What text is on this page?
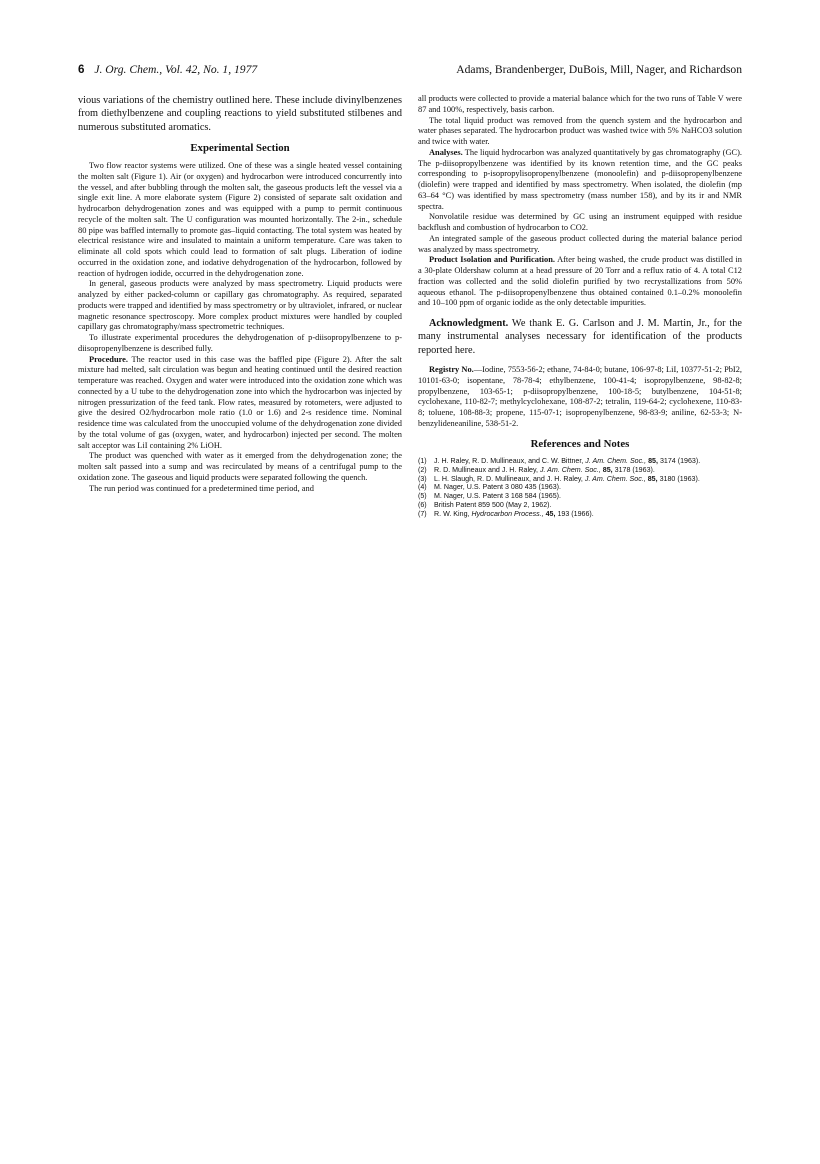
6 J. Org. Chem., Vol. 42, No. 1, 1977	Adams, Brandenberger, DuBois, Mill, Nager, and Richardson

vious variations of the chemistry outlined here. These include divinylbenzenes from diethylbenzene and coupling reactions to yield substituted stilbenes and numerous substituted aromatics.

Experimental Section

Two flow reactor systems were utilized. One of these was a single heated vessel containing the molten salt (Figure 1). Air (or oxygen) and hydrocarbon were introduced concurrently into the vessel, and after bubbling through the molten salt, the gaseous products left the vessel via a single exit line. A more elaborate system (Figure 2) consisted of separate salt oxidation and hydrocarbon dehydrogenation zones and was equipped with a pump to permit continuous recycle of the molten salt. The U configuration was mounted horizontally. The 2-in., schedule 80 pipe was baffled internally to promote gas–liquid contacting. The total system was heated by electrical resistance wire and insulated to maintain a uniform temperature. Care was taken to eliminate all cold spots which could lead to formation of salt plugs. Liberation of iodine occurred in the oxidation zone, and iodative dehydrogenation of the hydrocarbon, followed by reaction of hydrogen iodide, occurred in the dehydrogenation zone.

In general, gaseous products were analyzed by mass spectrometry. Liquid products were analyzed by either packed-column or capillary gas chromatography. As required, separated products were trapped and identified by mass spectrometry or by ultraviolet, infrared, or nuclear magnetic resonance spectroscopy. More complex product mixtures were handled by coupled capillary gas chromatography/mass spectrometric techniques.

To illustrate experimental procedures the dehydrogenation of p-diisopropylbenzene to p-diisopropenylbenzene is described fully.

Procedure. The reactor used in this case was the baffled pipe (Figure 2). After the salt mixture had melted, salt circulation was begun and heating continued until the desired reaction temperature was reached. Oxygen and water were introduced into the oxidation zone which was connected by a U tube to the dehydrogenation zone into which the hydrocarbon was injected by nitrogen pressurization of the feed tank. Flow rates, measured by rotometers, were adjusted to give the desired O2/hydrocarbon mole ratio (1.0 or 1.6) and 2-s residence time. Nominal residence time was calculated from the unoccupied volume of the dehydrogenation zone divided by the total volume of gas (oxygen, water, and hydrocarbon) injected per second. The molten salt acceptor was LiI containing 2% LiOH.

The product was quenched with water as it emerged from the dehydrogenation zone; the molten salt passed into a sump and was recirculated by means of a centrifugal pump to the oxidation zone. The gaseous and liquid products were separated following the quench.

The run period was continued for a predetermined time period, and

all products were collected to provide a material balance which for the two runs of Table V were 87 and 100%, respectively, basis carbon.

The total liquid product was removed from the quench system and the hydrocarbon and water phases separated. The hydrocarbon product was washed twice with 5% NaHCO3 solution and twice with water.

Analyses. The liquid hydrocarbon was analyzed quantitatively by gas chromatography (GC). The p-diisopropylbenzene was identified by its known retention time, and the GC peaks corresponding to p-isopropylisopropenylbenzene (monoolefin) and p-diisopropenylbenzene (diolefin) were trapped and identified by mass spectrometry. When isolated, the diolefin (mp 63–64 °C) was identified by mass spectrometry (mass number 158), and by its ir and NMR spectra.

Nonvolatile residue was determined by GC using an instrument equipped with residue backflush and combustion of hydrocarbon to CO2.

An integrated sample of the gaseous product collected during the material balance period was analyzed by mass spectrometry.

Product Isolation and Purification. After being washed, the crude product was distilled in a 30-plate Oldershaw column at a head pressure of 20 Torr and a reflux ratio of 4. A total C12 fraction was collected and the solid diolefin purified by two recrystallizations from 50% aqueous ethanol. The p-diisopropenylbenzene thus obtained contained 0.1–0.2% monoolefin and 10–100 ppm of organic iodide as the only detectable impurities.

Acknowledgment. We thank E. G. Carlson and J. M. Martin, Jr., for the many instrumental analyses necessary for identification of the products reported here.

Registry No.—Iodine, 7553-56-2; ethane, 74-84-0; butane, 106-97-8; LiI, 10377-51-2; PbI2, 10101-63-0; isopentane, 78-78-4; ethylbenzene, 100-41-4; isopropylbenzene, 98-82-8; propylbenzene, 103-65-1; p-diisopropylbenzene, 100-18-5; butylbenzene, 104-51-8; cyclohexane, 110-82-7; methylcyclohexane, 108-87-2; tetralin, 119-64-2; cyclohexene, 110-83-8; toluene, 108-88-3; propene, 115-07-1; isopropenylbenzene, 98-83-9; aniline, 62-53-3; N-benzylideneaniline, 538-51-2.

References and Notes
(1)	J. H. Raley, R. D. Mullineaux, and C. W. Bittner, J. Am. Chem. Soc., 85, 3174 (1963).
(2)	R. D. Mullineaux and J. H. Raley, J. Am. Chem. Soc., 85, 3178 (1963).
(3)	L. H. Slaugh, R. D. Mullineaux, and J. H. Raley, J. Am. Chem. Soc., 85, 3180 (1963).
(4)	M. Nager, U.S. Patent 3 080 435 (1963).
(5)	M. Nager, U.S. Patent 3 168 584 (1965).
(6)	British Patent 859 500 (May 2, 1962).
(7)	R. W. King, Hydrocarbon Process., 45, 193 (1966).
